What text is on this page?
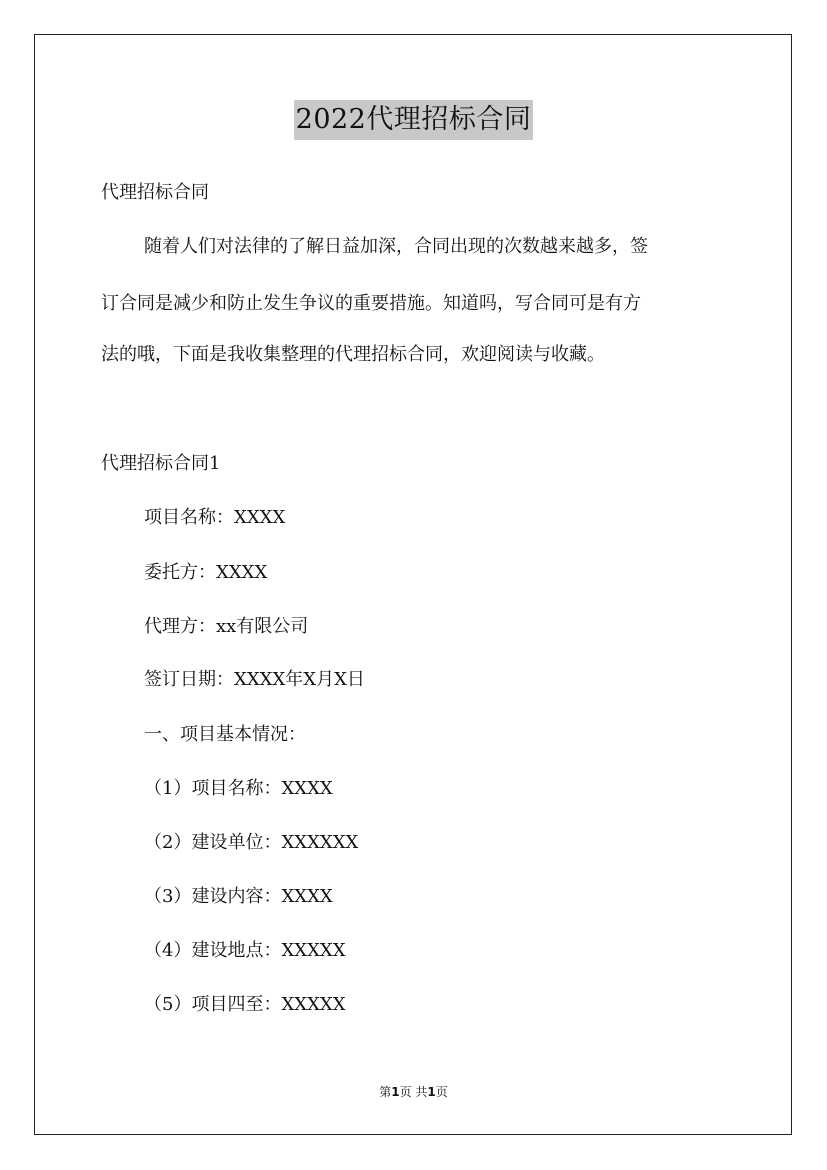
2022代理招标合同
代理招标合同
随着人们对法律的了解日益加深，合同出现的次数越来越多，签
订合同是减少和防止发生争议的重要措施。知道吗，写合同可是有方
法的哦，下面是我收集整理的代理招标合同，欢迎阅读与收藏。
代理招标合同1
项目名称：XXXX
委托方：XXXX
代理方：xx有限公司
签订日期：XXXX年X月X日
一、项目基本情况：
（1）项目名称：XXXX
（2）建设单位：XXXXXX
（3）建设内容：XXXX
（4）建设地点：XXXXX
（5）项目四至：XXXXX
第1页 共1页
